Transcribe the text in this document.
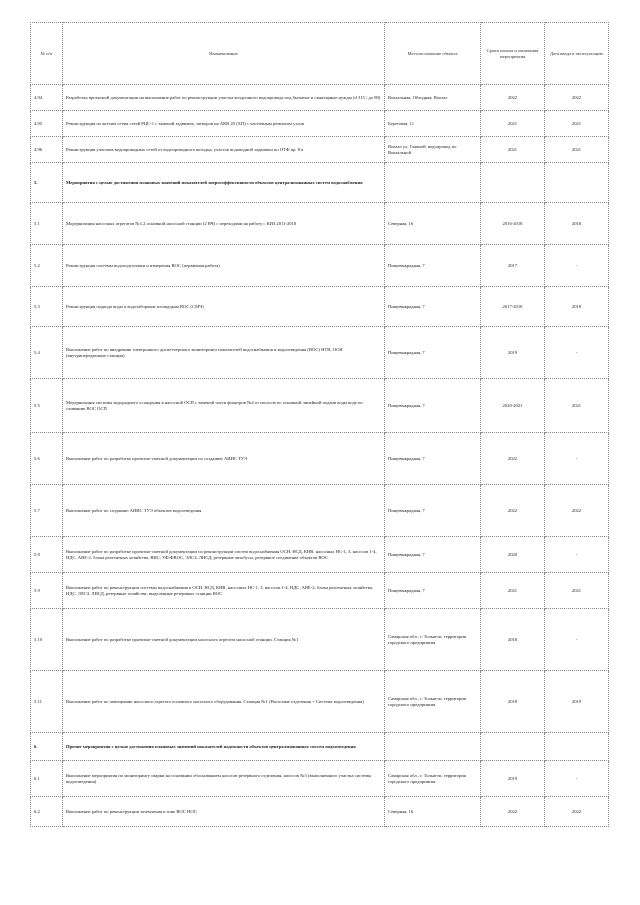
№ п/п	Наименование	Местоположение объекта	Сроки начала и окончания мероприятия	Дата ввода в эксплуатацию
4.94	Разработка проектной документации на выполнение работ по реконструкции участка воздушного водопровода под бытовые и санитарные нужды (d 315 / до 80)	Вокзальная, Обходная, Вокзал	2022	2022
4.95	Реконструкция по ветхим сетям сетей РЦС-1 с заменой задвижек, затворов на АКВ 20 (ХП) с частичным ремонтом узлов	Береговая, 11	2021	2021
4.96	Реконструкция участков водопроводных сетей от водопроводного колодца, участок водоводной задвижки по ОТФ пр. 8 в	Вокзал ул. Главной, водопровод по Вокзальной	2021	2021
5.	Мероприятия с целью достижения плановых значений показателей энергоэффективности объектов централизованных систем водоснабжения			
5.1	Модернизация насосных агрегатов №1,2 основной насосной станции (2 ВЧ) с переходами на работу с КИЗ 2011-2018	Северная, 16	2016-2018	2018
5.2	Реконструкция системы водоподготовки и измерения ВОС (первичная работа)	Пищевыкрадная, 7	2017	-
5.3	Реконструкция подвода воды к водозаборным площадкам ВОС (СМЧ)	Пищевыкрадная, 7	2017-2018	2018
5.4	Выполнение работ по внедрению электронного диспетчерского мониторинга показателей водоснабжения и водоотведения (ВОС) НТН, ОСН (внутрипередающие станции)	Пищевыкрадная, 7	2019	-
5.5	Модернизация системы водородного осаждения в насосной ОСП с заменой части фильтров №4 от насосов по основной линейной подачи воды воде по сливанию ВОС ОСП	Пищевыкрадная, 7	2020-2021	2021
5.6	Выполнение работ по разработке проектно-сметной документации по созданию АИИС ТУЭ	Пищевыкрадная, 7	2022	-
5.7	Выполнение работ по созданию АИИС ТУЭ объектов водоотведения	Пищевыкрадная, 7	2022	2022
5.8	Выполнение работ по разработке проектно-сметной документации по реконструкции систем водоснабжения ОСН, НСД, КНВ, насосных НС-1, 3, насосов 1-4, НДС, АВЕ-2, блока реагентных хозяйства, ВНС, УФ/ФВОС, ЭЛСЗ, ЛНСД, резервные автобусы, резервное соединение объектов ВОС	Пищевыкрадная, 7	2020	-
5.9	Выполнение работ по реконструкции системы водоснабжения в ОСН, НСД, КНВ, насосных НС-1, 3, насосов 1-4, НДС, АВЕ-2, блока реагентных хозяйства, НДС, ЭЛСЗ, ЛНСД, резервные хозяйства, выделенные резервных станции ВОС	Пищевыкрадная, 7	2021	2021
5.10	Выполнение работ по разработке проектно-сметной документации насосного агрегата насосной станции. Станция №1	Самарская обл., г. Тольятти, территория городского предприятия	2018	-
5.11	Выполнение работ по замещению насосного агрегата основного насосного оборудования. Станция №1 (Насосные отделения + Система водоотведения)	Самарская обл., г. Тольятти, территория городского предприятия	2018	2019
6.	Прочие мероприятия с целью достижения плановых значений показателей надежности объектов централизованных систем водоотведения			
6.1	Выполнение мероприятия по мониторингу сварки на основании обоснованием насосов резервного отделения, насосов №3 (выполненного участка системы водоотведения)	Самарская обл., г. Тольятти, территория городского предприятия	2019	-
6.2	Выполнение работ по реконструкции заземления в зоне ВОС НОС	Северная, 16	2022	2022
